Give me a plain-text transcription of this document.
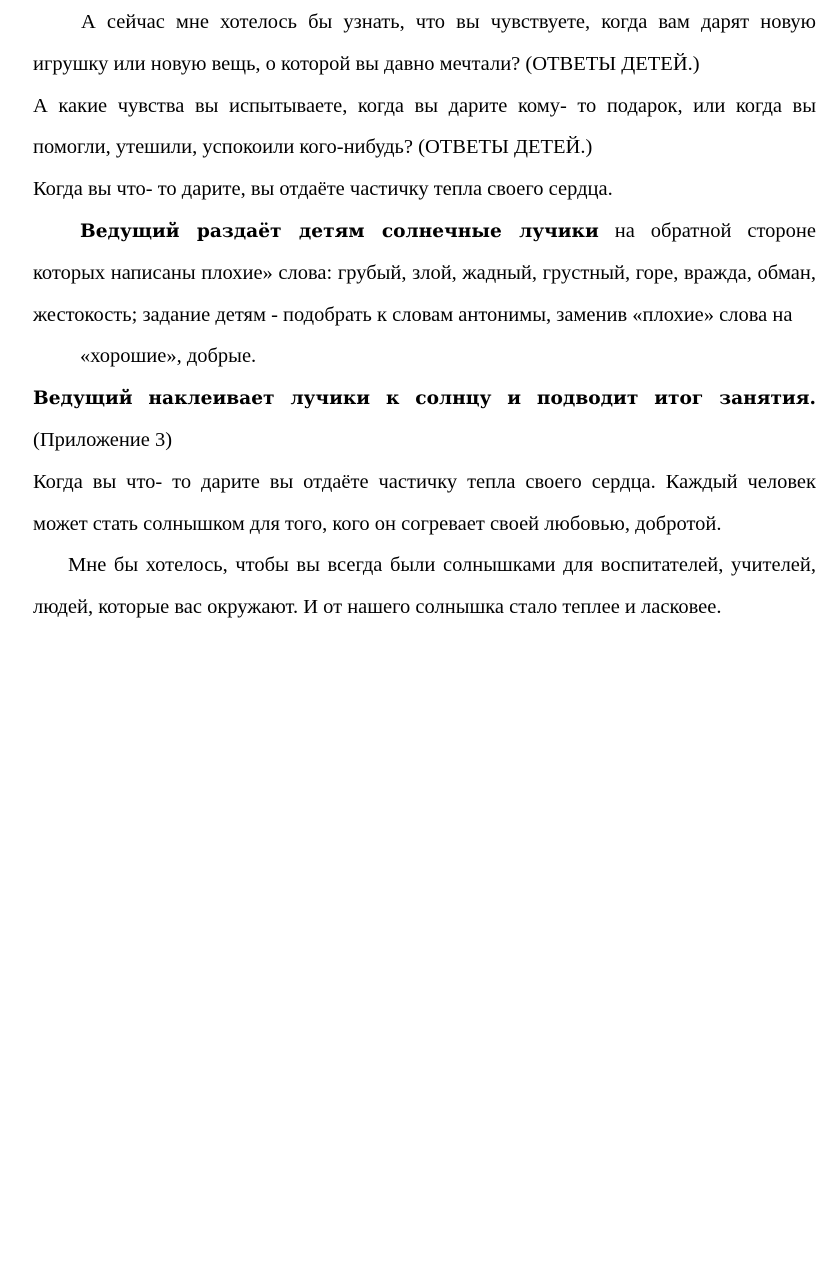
А сейчас мне хотелось бы узнать, что вы чувствуете, когда вам дарят новую игрушку или новую вещь, о которой вы давно мечтали? (ОТВЕТЫ ДЕТЕЙ.)

А какие чувства вы испытываете, когда вы дарите кому- то подарок, или когда вы помогли, утешили, успокоили кого-нибудь? (ОТВЕТЫ ДЕТЕЙ.)

Когда вы что- то дарите, вы отдаёте частичку тепла своего сердца.

Ведущий раздаёт детям солнечные лучики на обратной стороне которых написаны плохие» слова: грубый, злой, жадный, грустный, горе, вражда, обман, жестокость; задание детям - подобрать к словам антонимы, заменив «плохие» слова на
«хорошие», добрые.

Ведущий наклеивает лучики к солнцу и подводит итог занятия. (Приложение 3)

Когда вы что- то дарите вы отдаёте частичку тепла своего сердца. Каждый человек может стать солнышком для того, кого он согревает своей любовью, добротой.

Мне бы хотелось, чтобы вы всегда были солнышками для воспитателей, учителей, людей, которые вас окружают. И от нашего солнышка стало теплее и ласковее.
